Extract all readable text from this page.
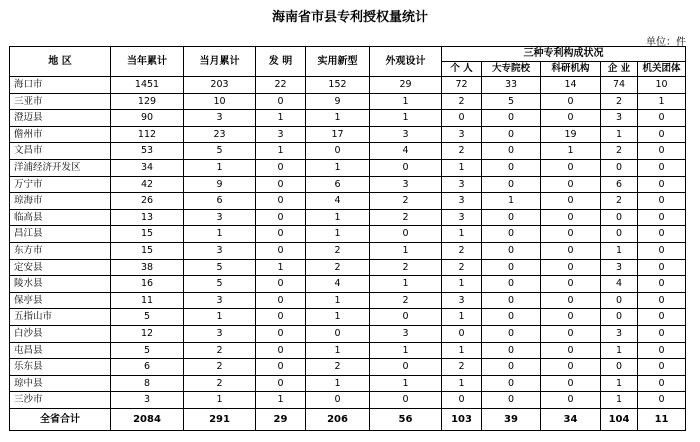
海南省市县专利授权量统计
单位：件
地 区	当年累计	当月累计	发 明	实用新型	外观设计	三种专利构成状况				
						个 人	大专院校	科研机构	企 业	机关团体
海口市	1451	203	22	152	29	72	33	14	74	10
三亚市	129	10	0	9	1	2	5	0	2	1
澄迈县	90	3	1	1	1	0	0	0	3	0
儋州市	112	23	3	17	3	3	0	19	1	0
文昌市	53	5	1	0	4	2	0	1	2	0
洋浦经济开发区	34	1	0	1	0	1	0	0	0	0
万宁市	42	9	0	6	3	3	0	0	6	0
琼海市	26	6	0	4	2	3	1	0	2	0
临高县	13	3	0	1	2	3	0	0	0	0
昌江县	15	1	0	1	0	1	0	0	0	0
东方市	15	3	0	2	1	2	0	0	1	0
定安县	38	5	1	2	2	2	0	0	3	0
陵水县	16	5	0	4	1	1	0	0	4	0
保亭县	11	3	0	1	2	3	0	0	0	0
五指山市	5	1	0	1	0	1	0	0	0	0
白沙县	12	3	0	0	3	0	0	0	3	0
屯昌县	5	2	0	1	1	1	0	0	1	0
乐东县	6	2	0	2	0	2	0	0	0	0
琼中县	8	2	0	1	1	1	0	0	1	0
三沙市	3	1	1	0	0	0	0	0	1	0
全省合计	2084	291	29	206	56	103	39	34	104	11
